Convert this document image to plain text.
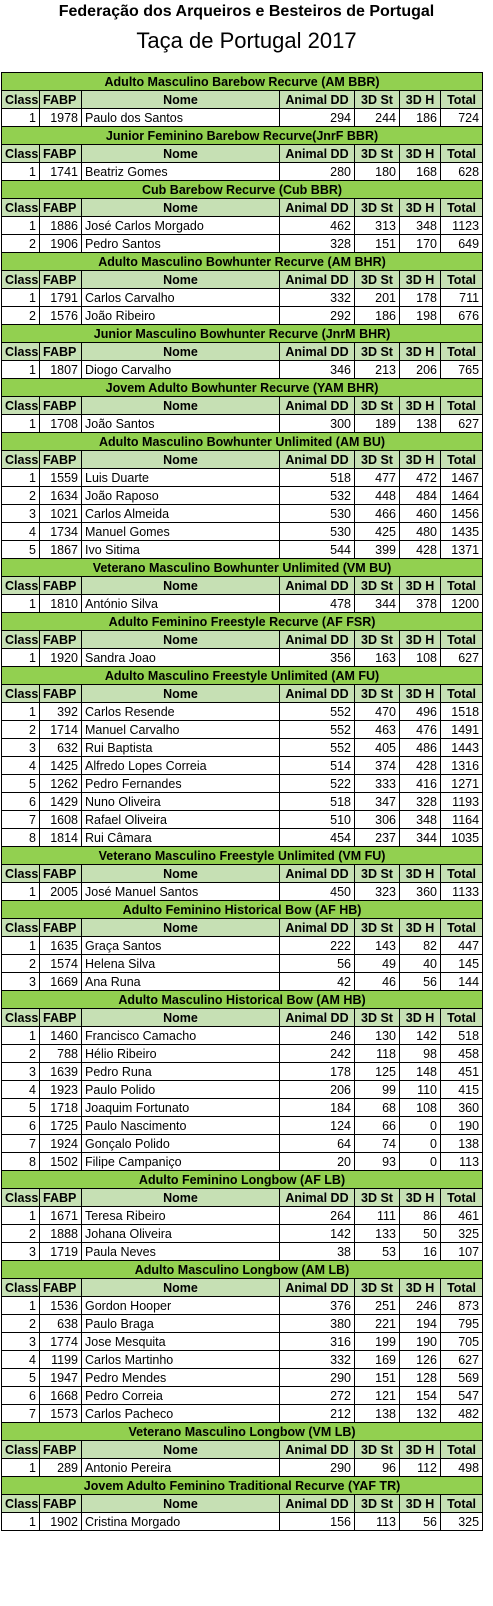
Federação dos Arqueiros e Besteiros de Portugal
Taça de Portugal 2017
Adulto Masculino Barebow Recurve (AM BBR)						
Class	FABP	Nome	Animal DD	3D St	3D H	Total
1	1978	Paulo dos Santos	294	244	186	724
Junior Feminino Barebow Recurve(JnrF BBR)						
Class	FABP	Nome	Animal DD	3D St	3D H	Total
1	1741	Beatriz Gomes	280	180	168	628
Cub Barebow Recurve (Cub BBR)						
Class	FABP	Nome	Animal DD	3D St	3D H	Total
1	1886	José Carlos Morgado	462	313	348	1123
2	1906	Pedro Santos	328	151	170	649
Adulto Masculino Bowhunter Recurve (AM BHR)						
Class	FABP	Nome	Animal DD	3D St	3D H	Total
1	1791	Carlos Carvalho	332	201	178	711
2	1576	João Ribeiro	292	186	198	676
Junior Masculino Bowhunter Recurve (JnrM BHR)						
Class	FABP	Nome	Animal DD	3D St	3D H	Total
1	1807	Diogo Carvalho	346	213	206	765
Jovem Adulto Bowhunter Recurve (YAM BHR)						
Class	FABP	Nome	Animal DD	3D St	3D H	Total
1	1708	João Santos	300	189	138	627
Adulto Masculino Bowhunter Unlimited (AM BU)						
Class	FABP	Nome	Animal DD	3D St	3D H	Total
1	1559	Luis Duarte	518	477	472	1467
2	1634	João Raposo	532	448	484	1464
3	1021	Carlos Almeida	530	466	460	1456
4	1734	Manuel Gomes	530	425	480	1435
5	1867	Ivo Sitima	544	399	428	1371
Veterano Masculino Bowhunter Unlimited (VM BU)						
Class	FABP	Nome	Animal DD	3D St	3D H	Total
1	1810	António Silva	478	344	378	1200
Adulto Feminino Freestyle Recurve (AF FSR)						
Class	FABP	Nome	Animal DD	3D St	3D H	Total
1	1920	Sandra Joao	356	163	108	627
Adulto Masculino Freestyle Unlimited (AM FU)						
Class	FABP	Nome	Animal DD	3D St	3D H	Total
1	392	Carlos Resende	552	470	496	1518
2	1714	Manuel Carvalho	552	463	476	1491
3	632	Rui Baptista	552	405	486	1443
4	1425	Alfredo Lopes Correia	514	374	428	1316
5	1262	Pedro Fernandes	522	333	416	1271
6	1429	Nuno Oliveira	518	347	328	1193
7	1608	Rafael Oliveira	510	306	348	1164
8	1814	Rui Câmara	454	237	344	1035
Veterano Masculino Freestyle Unlimited (VM FU)						
Class	FABP	Nome	Animal DD	3D St	3D H	Total
1	2005	José Manuel Santos	450	323	360	1133
Adulto Feminino Historical Bow (AF HB)						
Class	FABP	Nome	Animal DD	3D St	3D H	Total
1	1635	Graça Santos	222	143	82	447
2	1574	Helena Silva	56	49	40	145
3	1669	Ana Runa	42	46	56	144
Adulto Masculino Historical Bow (AM HB)						
Class	FABP	Nome	Animal DD	3D St	3D H	Total
1	1460	Francisco Camacho	246	130	142	518
2	788	Hélio Ribeiro	242	118	98	458
3	1639	Pedro Runa	178	125	148	451
4	1923	Paulo Polido	206	99	110	415
5	1718	Joaquim Fortunato	184	68	108	360
6	1725	Paulo Nascimento	124	66	0	190
7	1924	Gonçalo Polido	64	74	0	138
8	1502	Filipe Campaniço	20	93	0	113
Adulto Feminino Longbow (AF LB)						
Class	FABP	Nome	Animal DD	3D St	3D H	Total
1	1671	Teresa Ribeiro	264	111	86	461
2	1888	Johana Oliveira	142	133	50	325
3	1719	Paula Neves	38	53	16	107
Adulto Masculino Longbow (AM LB)						
Class	FABP	Nome	Animal DD	3D St	3D H	Total
1	1536	Gordon Hooper	376	251	246	873
2	638	Paulo Braga	380	221	194	795
3	1774	Jose Mesquita	316	199	190	705
4	1199	Carlos Martinho	332	169	126	627
5	1947	Pedro Mendes	290	151	128	569
6	1668	Pedro Correia	272	121	154	547
7	1573	Carlos Pacheco	212	138	132	482
Veterano Masculino Longbow (VM LB)						
Class	FABP	Nome	Animal DD	3D St	3D H	Total
1	289	Antonio Pereira	290	96	112	498
Jovem Adulto Feminino Traditional Recurve (YAF TR)						
Class	FABP	Nome	Animal DD	3D St	3D H	Total
1	1902	Cristina Morgado	156	113	56	325
